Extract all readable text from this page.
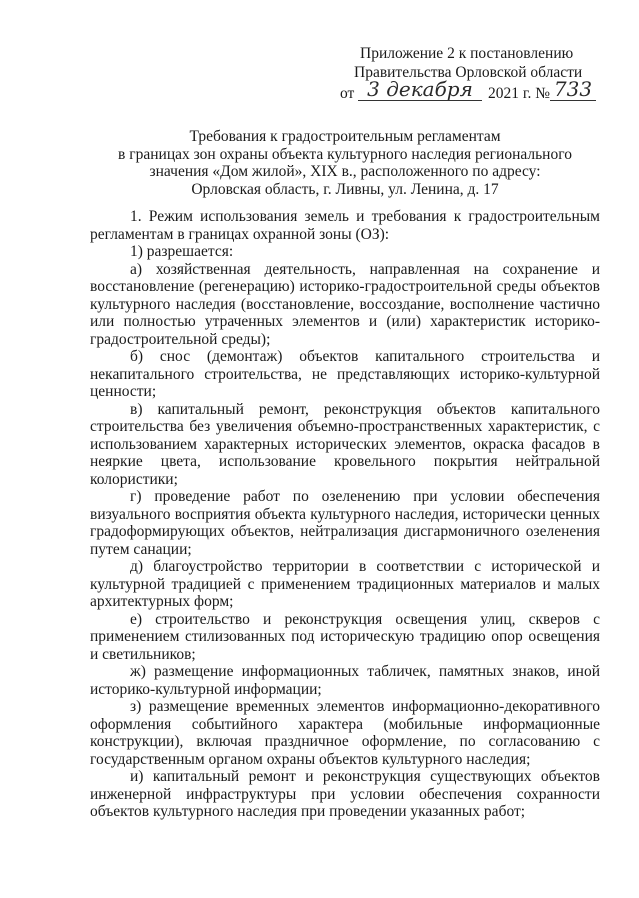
Приложение 2 к постановлению
Правительства Орловской области
от 3 декабря 2021 г. № 733
Требования к градостроительным регламентам
в границах зон охраны объекта культурного наследия регионального
значения «Дом жилой», XIX в., расположенного по адресу:
Орловская область, г. Ливны, ул. Ленина, д. 17

1. Режим использования земель и требования к градостроительным регламентам в границах охранной зоны (ОЗ):

1) разрешается:

а) хозяйственная деятельность, направленная на сохранение и восстановление (регенерацию) историко-градостроительной среды объектов культурного наследия (восстановление, воссоздание, восполнение частично или полностью утраченных элементов и (или) характеристик историко-градостроительной среды);

б) снос (демонтаж) объектов капитального строительства и некапитального строительства, не представляющих историко-культурной ценности;

в) капитальный ремонт, реконструкция объектов капитального строительства без увеличения объемно-пространственных характеристик, с использованием характерных исторических элементов, окраска фасадов в неяркие цвета, использование кровельного покрытия нейтральной колористики;

г) проведение работ по озеленению при условии обеспечения визуального восприятия объекта культурного наследия, исторически ценных градоформирующих объектов, нейтрализация дисгармоничного озеленения путем санации;

д) благоустройство территории в соответствии с исторической и культурной традицией с применением традиционных материалов и малых архитектурных форм;

е) строительство и реконструкция освещения улиц, скверов с применением стилизованных под историческую традицию опор освещения и светильников;

ж) размещение информационных табличек, памятных знаков, иной историко-культурной информации;

з) размещение временных элементов информационно-декоративного оформления событийного характера (мобильные информационные конструкции), включая праздничное оформление, по согласованию с государственным органом охраны объектов культурного наследия;

и) капитальный ремонт и реконструкция существующих объектов инженерной инфраструктуры при условии обеспечения сохранности объектов культурного наследия при проведении указанных работ;
